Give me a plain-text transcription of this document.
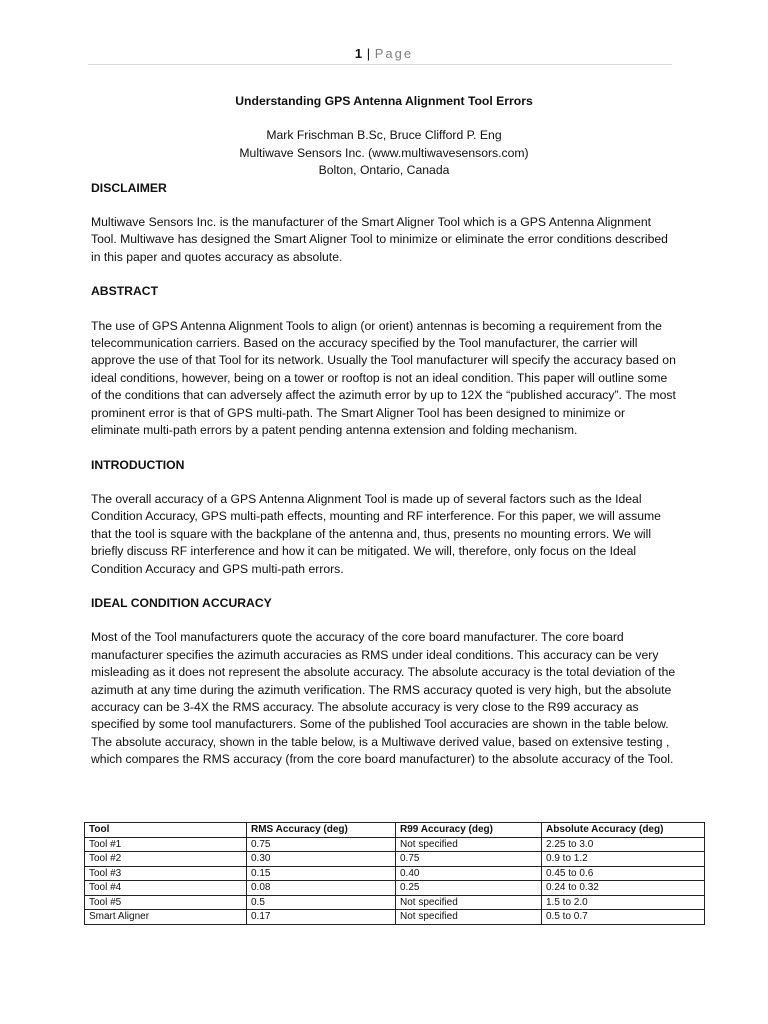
1 | Page
Understanding GPS Antenna Alignment Tool Errors
Mark Frischman B.Sc, Bruce Clifford P. Eng
Multiwave Sensors Inc. (www.multiwavesensors.com)
Bolton, Ontario, Canada
DISCLAIMER

Multiwave Sensors Inc. is the manufacturer of the Smart Aligner Tool which is a GPS Antenna Alignment Tool. Multiwave has designed the Smart Aligner Tool to minimize or eliminate the error conditions described in this paper and quotes accuracy as absolute.

ABSTRACT

The use of GPS Antenna Alignment Tools to align (or orient) antennas is becoming a requirement from the telecommunication carriers. Based on the accuracy specified by the Tool manufacturer, the carrier will approve the use of that Tool for its network. Usually the Tool manufacturer will specify the accuracy based on ideal conditions, however, being on a tower or rooftop is not an ideal condition. This paper will outline some of the conditions that can adversely affect the azimuth error by up to 12X the “published accuracy”. The most prominent error is that of GPS multi-path. The Smart Aligner Tool has been designed to minimize or eliminate multi-path errors by a patent pending antenna extension and folding mechanism.

INTRODUCTION

The overall accuracy of a GPS Antenna Alignment Tool is made up of several factors such as the Ideal Condition Accuracy, GPS multi-path effects, mounting and RF interference. For this paper, we will assume that the tool is square with the backplane of the antenna and, thus, presents no mounting errors. We will briefly discuss RF interference and how it can be mitigated. We will, therefore, only focus on the Ideal Condition Accuracy and GPS multi-path errors.

IDEAL CONDITION ACCURACY

Most of the Tool manufacturers quote the accuracy of the core board manufacturer. The core board manufacturer specifies the azimuth accuracies as RMS under ideal conditions. This accuracy can be very misleading as it does not represent the absolute accuracy. The absolute accuracy is the total deviation of the azimuth at any time during the azimuth verification. The RMS accuracy quoted is very high, but the absolute accuracy can be 3-4X the RMS accuracy. The absolute accuracy is very close to the R99 accuracy as specified by some tool manufacturers. Some of the published Tool accuracies are shown in the table below. The absolute accuracy, shown in the table below, is a Multiwave derived value, based on extensive testing , which compares the RMS accuracy (from the core board manufacturer) to the absolute accuracy of the Tool.

Tool	RMS Accuracy (deg)	R99 Accuracy (deg)	Absolute Accuracy (deg)
Tool #1	0.75	Not specified	2.25 to 3.0
Tool #2	0.30	0.75	0.9 to 1.2
Tool #3	0.15	0.40	0.45 to 0.6
Tool #4	0.08	0.25	0.24 to 0.32
Tool #5	0.5	Not specified	1.5 to 2.0
Smart Aligner	0.17	Not specified	0.5 to 0.7
